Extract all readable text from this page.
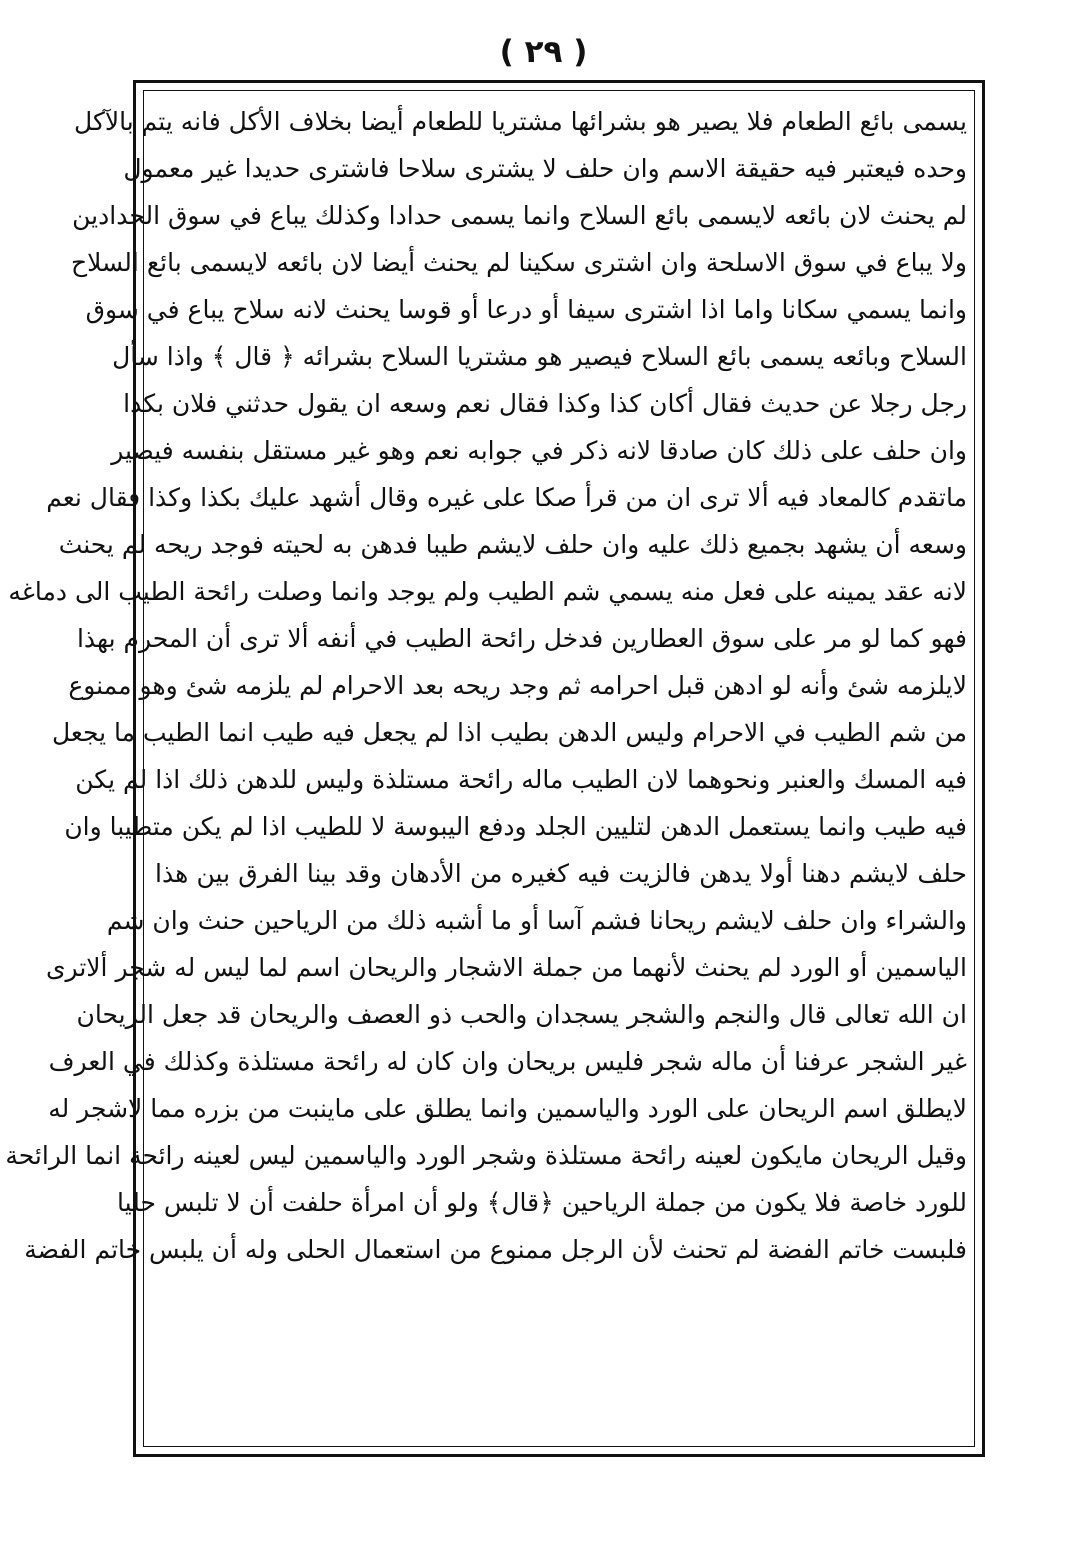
( ٢٩ )
يسمى بائع الطعام فلا يصير هو بشرائها مشتريا للطعام أيضا بخلاف الأكل فانه يتم بالآكل
وحده فيعتبر فيه حقيقة الاسم وان حلف لا يشترى سلاحا فاشترى حديدا غير معمول
لم يحنث لان بائعه لايسمى بائع السلاح وانما يسمى حدادا وكذلك يباع في سوق الحدادين
ولا يباع في سوق الاسلحة وان اشترى سكينا لم يحنث أيضا لان بائعه لايسمى بائع السلاح
وانما يسمي سكانا واما اذا اشترى سيفا أو درعا أو قوسا يحنث لانه سلاح يباع في سوق
السلاح وبائعه يسمى بائع السلاح فيصير هو مشتريا السلاح بشرائه ﴿ قال ﴾ واذا سأل
رجل رجلا عن حديث فقال أكان كذا وكذا فقال نعم وسعه ان يقول حدثني فلان بكذا
وان حلف على ذلك كان صادقا لانه ذكر في جوابه نعم وهو غير مستقل بنفسه فيصير
ماتقدم كالمعاد فيه ألا ترى ان من قرأ صكا على غيره وقال أشهد عليك بكذا وكذا فقال نعم
وسعه أن يشهد بجميع ذلك عليه وان حلف لايشم طيبا فدهن به لحيته فوجد ريحه لم يحنث
لانه عقد يمينه على فعل منه يسمي شم الطيب ولم يوجد وانما وصلت رائحة الطيب الى دماغه
فهو كما لو مر على سوق العطارين فدخل رائحة الطيب في أنفه ألا ترى أن المحرم بهذا
لايلزمه شئ وأنه لو ادهن قبل احرامه ثم وجد ريحه بعد الاحرام لم يلزمه شئ وهو ممنوع
من شم الطيب في الاحرام وليس الدهن بطيب اذا لم يجعل فيه طيب انما الطيب ما يجعل
فيه المسك والعنبر ونحوهما لان الطيب ماله رائحة مستلذة وليس للدهن ذلك اذا لم يكن
فيه طيب وانما يستعمل الدهن لتليين الجلد ودفع اليبوسة لا للطيب اذا لم يكن متطيبا وان
حلف لايشم دهنا أولا يدهن فالزيت فيه كغيره من الأدهان وقد بينا الفرق بين هذا
والشراء وان حلف لايشم ريحانا فشم آسا أو ما أشبه ذلك من الرياحين حنث وان شم
الياسمين أو الورد لم يحنث لأنهما من جملة الاشجار والريحان اسم لما ليس له شجر ألاترى
ان الله تعالى قال والنجم والشجر يسجدان والحب ذو العصف والريحان قد جعل الريحان
غير الشجر عرفنا أن ماله شجر فليس بريحان وان كان له رائحة مستلذة وكذلك في العرف
لايطلق اسم الريحان على الورد والياسمين وانما يطلق على ماينبت من بزره مما لاشجر له
وقيل الريحان مايكون لعينه رائحة مستلذة وشجر الورد والياسمين ليس لعينه رائحة انما الرائحة
للورد خاصة فلا يكون من جملة الرياحين ﴿قال﴾ ولو أن امرأة حلفت أن لا تلبس حليا
فلبست خاتم الفضة لم تحنث لأن الرجل ممنوع من استعمال الحلى وله أن يلبس خاتم الفضة
